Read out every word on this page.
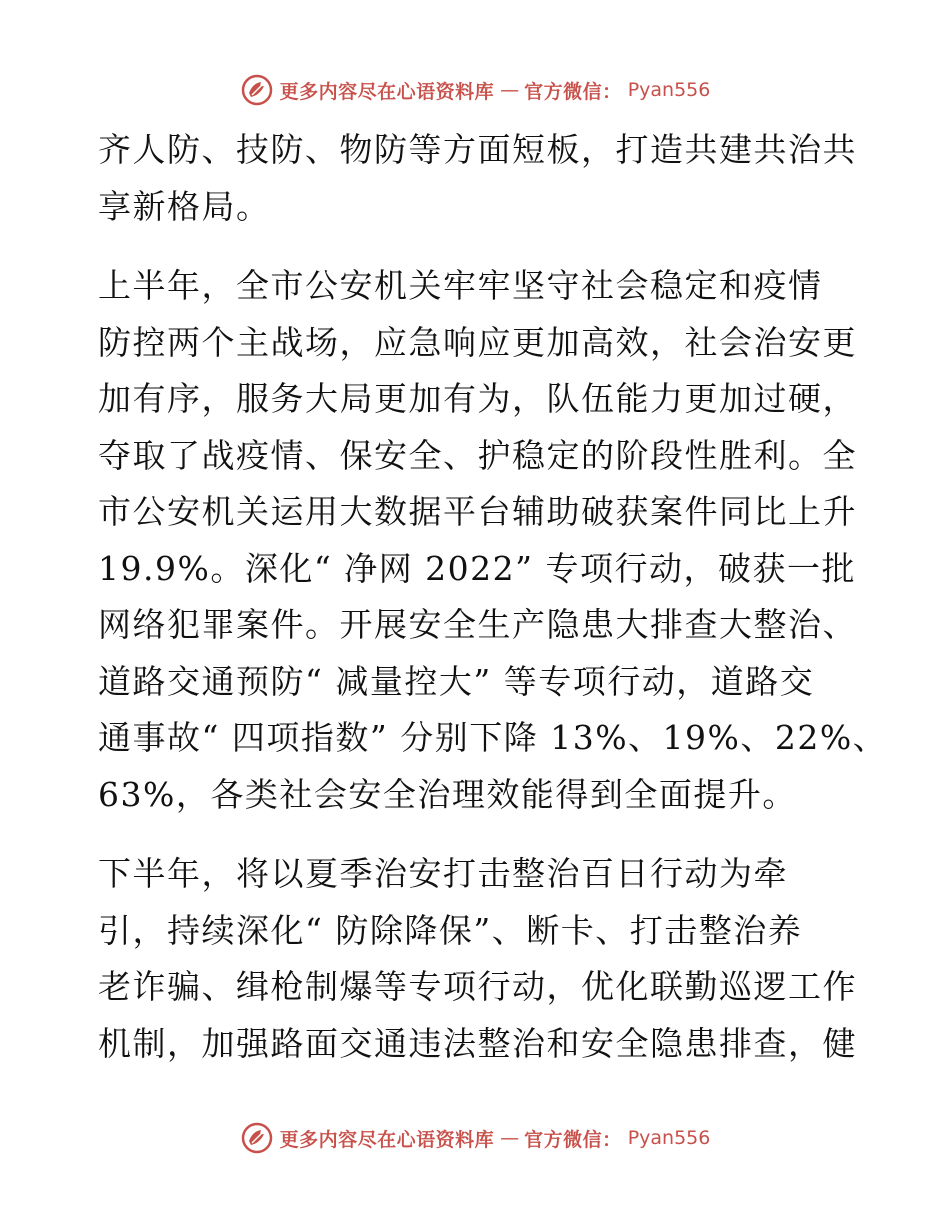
更多内容尽在心语资料库 — 官方微信： Pyan556

齐人防、技防、物防等方面短板，打造共建共治共
享新格局。

上半年，全市公安机关牢牢坚守社会稳定和疫情
防控两个主战场，应急响应更加高效，社会治安更
加有序，服务大局更加有为，队伍能力更加过硬，
夺取了战疫情、保安全、护稳定的阶段性胜利。全
市公安机关运用大数据平台辅助破获案件同比上升
19.9%。深化“ 净网 2022” 专项行动，破获一批
网络犯罪案件。开展安全生产隐患大排查大整治、
道路交通预防“ 减量控大” 等专项行动，道路交
通事故“ 四项指数” 分别下降 13%、19%、22%、
63%，各类社会安全治理效能得到全面提升。

下半年，将以夏季治安打击整治百日行动为牵
引，持续深化“ 防除降保”、断卡、打击整治养
老诈骗、缉枪制爆等专项行动，优化联勤巡逻工作
机制，加强路面交通违法整治和安全隐患排查，健

更多内容尽在心语资料库 — 官方微信： Pyan556
